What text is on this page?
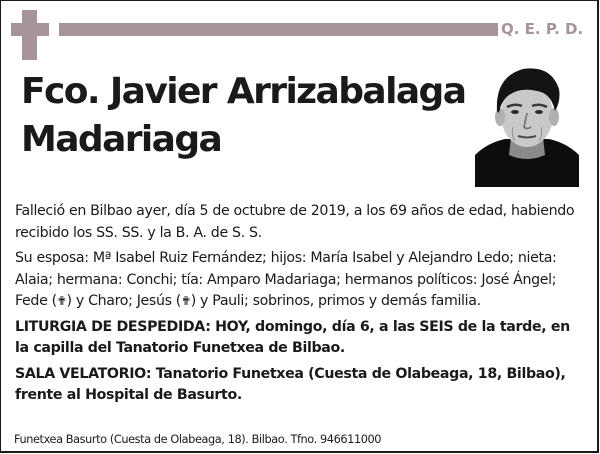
Q. E. P. D.
Fco. Javier Arrizabalaga
Madariaga

Falleció en Bilbao ayer, día 5 de octubre de 2019, a los 69 años de edad, habiendo recibido los SS. SS. y la B. A. de S. S.

Su esposa: Mª Isabel Ruiz Fernández; hijos: María Isabel y Alejandro Ledo; nieta: Alaia; hermana: Conchi; tía: Amparo Madariaga; hermanos políticos: José Ángel; Fede (✟) y Charo; Jesús (✟) y Pauli; sobrinos, primos y demás familia.

LITURGIA DE DESPEDIDA: HOY, domingo, día 6, a las SEIS de la tarde, en la capilla del Tanatorio Funetxea de Bilbao.

SALA VELATORIO: Tanatorio Funetxea (Cuesta de Olabeaga, 18, Bilbao), frente al Hospital de Basurto.

Funetxea Basurto (Cuesta de Olabeaga, 18). Bilbao. Tfno. 946611000
